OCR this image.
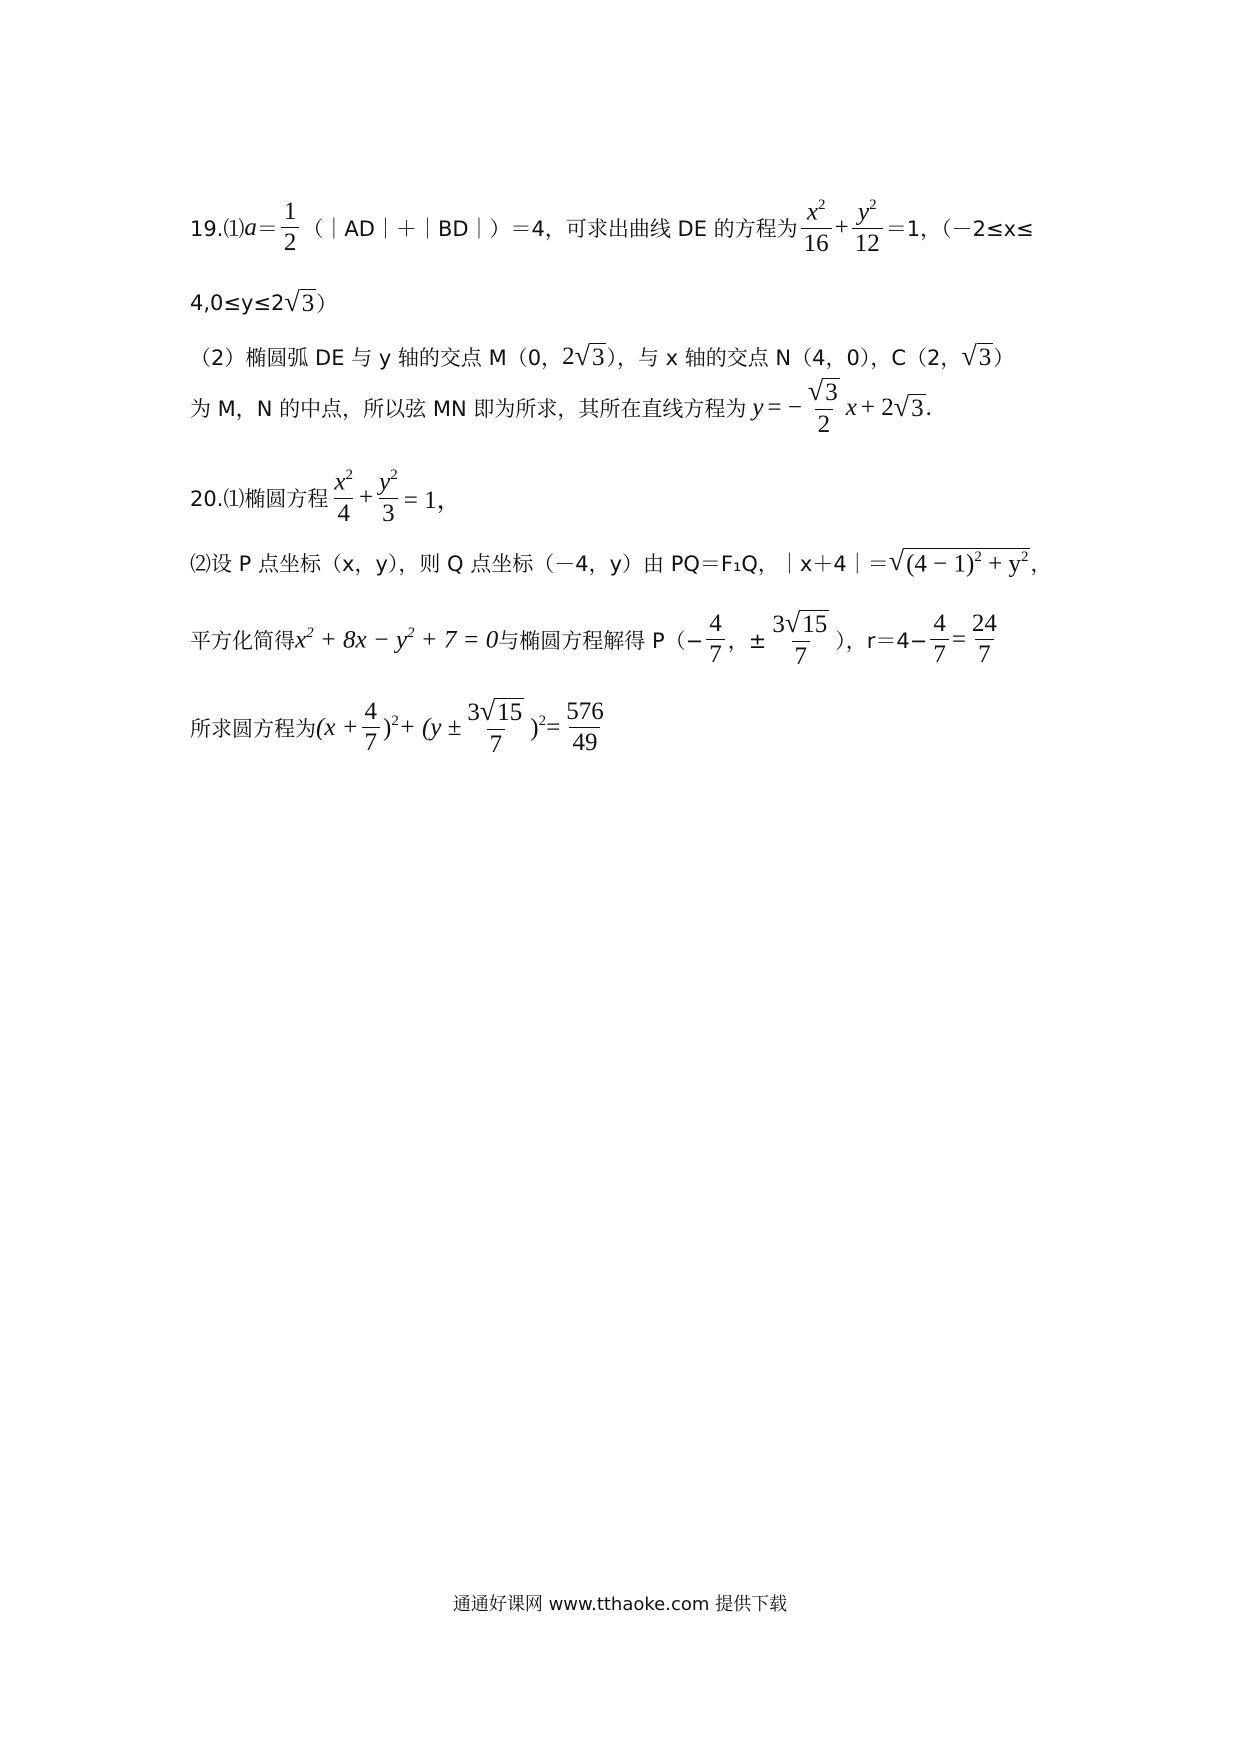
19.⑴ $a = \frac{1}{2}$ （｜AD｜＋｜BD｜）＝4，可求出曲线 DE 的方程为 $\frac{x^2}{16} + \frac{y^2}{12} =1$，（－2≤x≤
4,0≤y≤2 √ 3 ）
（2）椭圆弧 DE 与 y 轴的交点 M（0， 2 √ 3 ），与 x 轴的交点 N（4，0），C（2， √ 3 ）
为 M，N 的中点，所以弦 MN 即为所求，其所在直线方程为 y = − $\frac{√ 3}{2}$ x + 2 √ 3 .
20.⑴椭圆方程 $\frac{x^2}{4} + \frac{y^2}{3} = 1$，
⑵设 P 点坐标（x，y），则 Q 点坐标（－4，y）由 PQ＝F₁Q，｜x＋4｜＝ √ $(4 - 1)^2 + y^2$ ，
平方化简得 $x^2 + 8x - y^2 + 7 = 0$ 与椭圆方程解得 $P(- \frac{4}{7}$ ，± $\frac{3 √ 15}{7}$ ），$r=4- \frac{4}{7} = \frac{24}{7}$
所求圆方程为 $(x + \frac{4}{7} )^2 + (y \pm \frac{3 √ 15}{7} )^2 = \frac{576}{49}$
通通好课网 www.tthaoke.com 提供下载
